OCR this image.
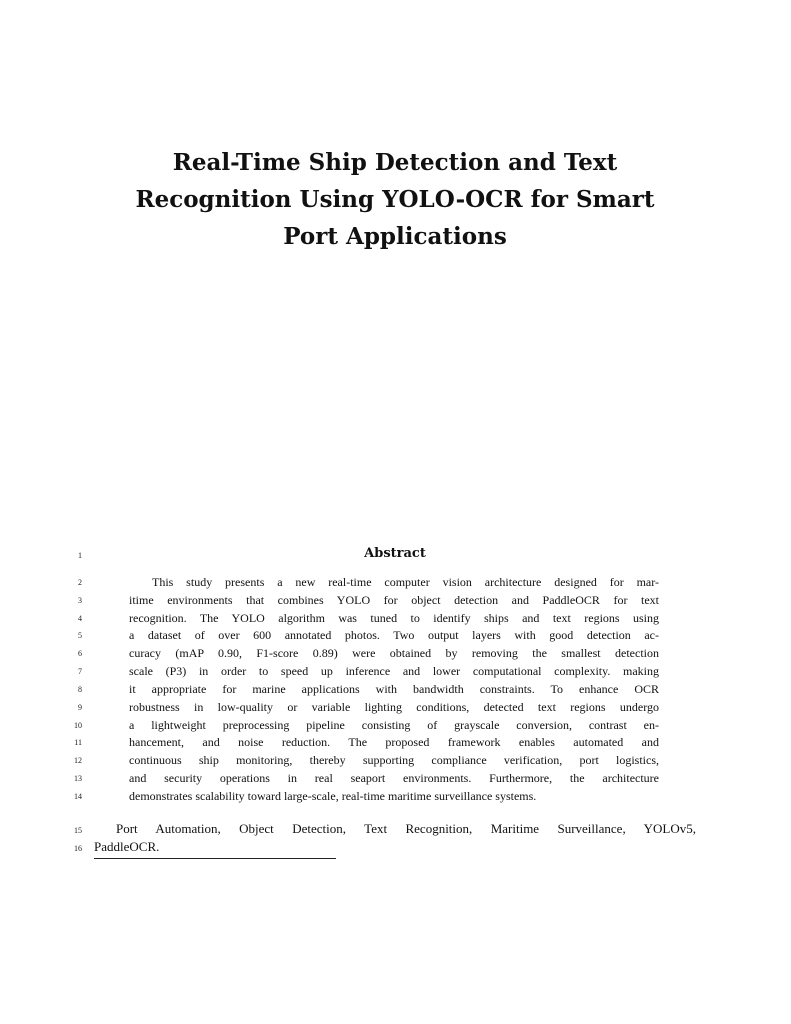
Real-Time Ship Detection and Text
Recognition Using YOLO-OCR for Smart
Port Applications
1
2
3
4
5
6
7
8
9
10
11
12
13
14
15
16
Abstract
This study presents a new real-time computer vision architecture designed for mar-
itime environments that combines YOLO for object detection and PaddleOCR for text
recognition. The YOLO algorithm was tuned to identify ships and text regions using
a dataset of over 600 annotated photos. Two output layers with good detection ac-
curacy (mAP 0.90, F1-score 0.89) were obtained by removing the smallest detection
scale (P3) in order to speed up inference and lower computational complexity. making
it appropriate for marine applications with bandwidth constraints. To enhance OCR
robustness in low-quality or variable lighting conditions, detected text regions undergo
a lightweight preprocessing pipeline consisting of grayscale conversion, contrast en-
hancement, and noise reduction. The proposed framework enables automated and
continuous ship monitoring, thereby supporting compliance verification, port logistics,
and security operations in real seaport environments. Furthermore, the architecture
demonstrates scalability toward large-scale, real-time maritime surveillance systems.
Port Automation, Object Detection, Text Recognition, Maritime Surveillance, YOLOv5,
PaddleOCR.
